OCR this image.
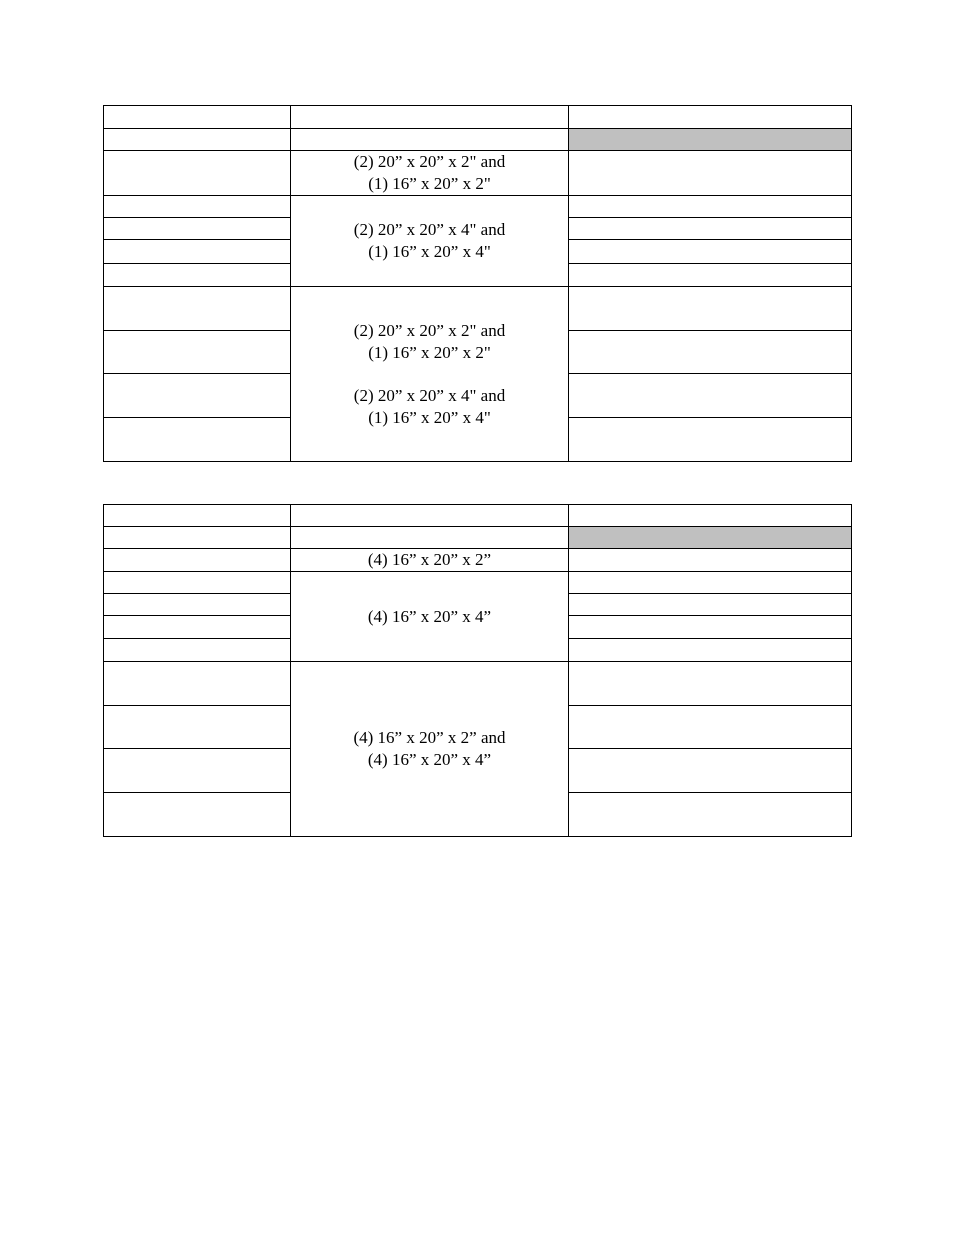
	(2) 20” x 20” x 2" and
(1) 16” x 20” x 2"	

	(2) 20” x 20” x 4" and
(1) 16” x 20” x 4"	

	(2) 20” x 20” x 2" and
(1) 16” x 20” x 2"
(2) 20” x 20” x 4" and
(1) 16” x 20” x 4"	

	(4) 16” x 20” x 2”	

	(4) 16” x 20” x 4”	

	(4) 16” x 20” x 2” and
(4) 16” x 20” x 4”	
